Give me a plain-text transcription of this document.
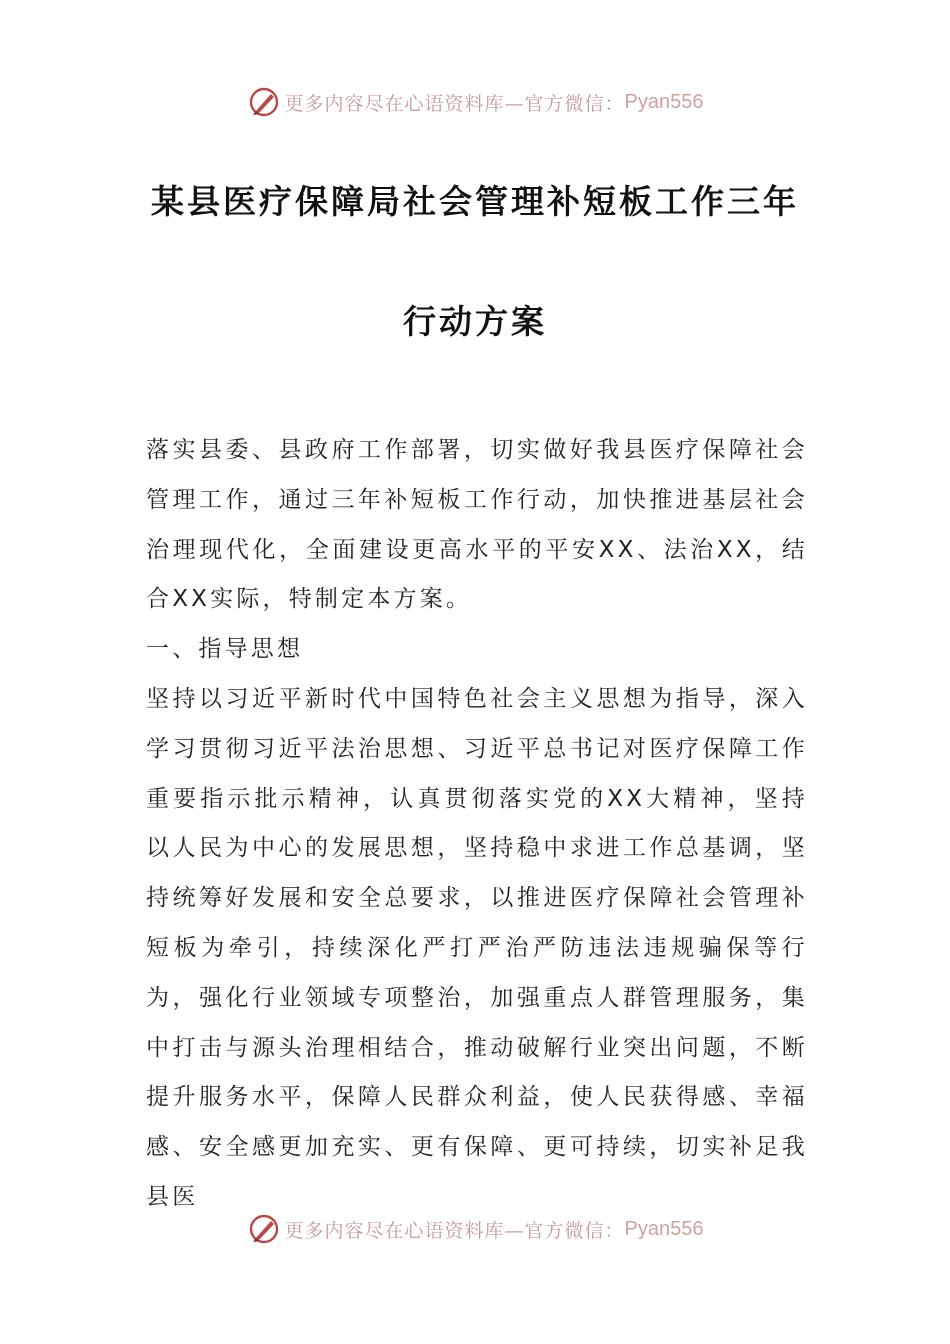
更多内容尽在心语资料库—官方微信： Pyan556
某县医疗保障局社会管理补短板工作三年
行动方案

落实县委、县政府工作部署，切实做好我县医疗保障社会管理工作，通过三年补短板工作行动，加快推进基层社会治理现代化，全面建设更高水平的平安XX、法治XX，结合XX实际，特制定本方案。

一、指导思想

坚持以习近平新时代中国特色社会主义思想为指导，深入学习贯彻习近平法治思想、习近平总书记对医疗保障工作重要指示批示精神，认真贯彻落实党的XX大精神，坚持以人民为中心的发展思想，坚持稳中求进工作总基调，坚持统筹好发展和安全总要求，以推进医疗保障社会管理补短板为牵引，持续深化严打严治严防违法违规骗保等行为，强化行业领域专项整治，加强重点人群管理服务，集中打击与源头治理相结合，推动破解行业突出问题，不断提升服务水平，保障人民群众利益，使人民获得感、幸福感、安全感更加充实、更有保障、更可持续，切实补足我县医

更多内容尽在心语资料库—官方微信： Pyan556
